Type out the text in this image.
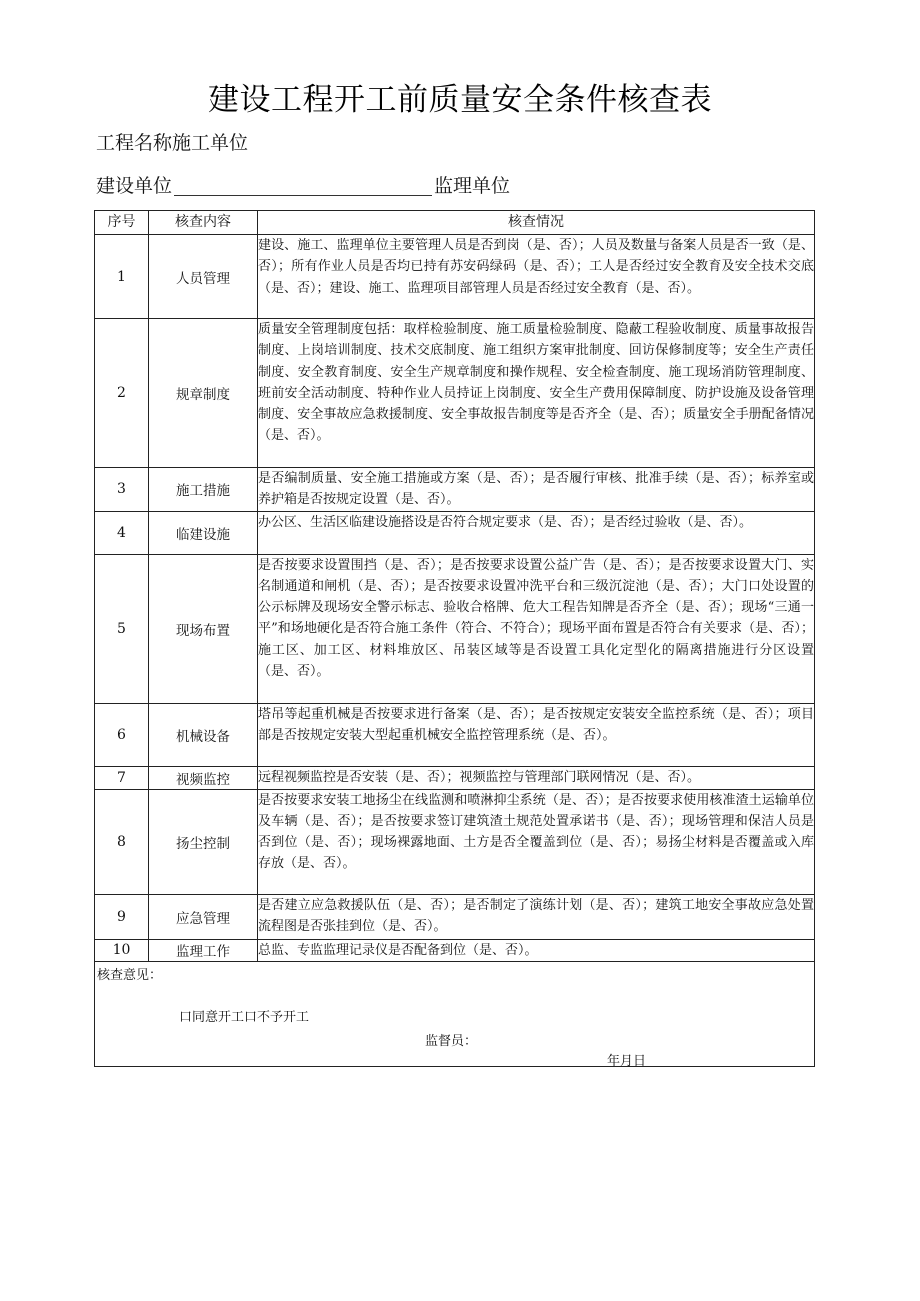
建设工程开工前质量安全条件核查表
工程名称施工单位
建设单位	监理单位
序号	核查内容	核查情况
1	人员管理	建设、施工、监理单位主要管理人员是否到岗（是、否）；人员及数量与备案人员是否一致（是、否）；所有作业人员是否均已持有苏安码绿码（是、否）；工人是否经过安全教育及安全技术交底（是、否）；建设、施工、监理项目部管理人员是否经过安全教育（是、否）。
2	规章制度	质量安全管理制度包括：取样检验制度、施工质量检验制度、隐蔽工程验收制度、质量事故报告制度、上岗培训制度、技术交底制度、施工组织方案审批制度、回访保修制度等；安全生产责任制度、安全教育制度、安全生产规章制度和操作规程、安全检查制度、施工现场消防管理制度、班前安全活动制度、特种作业人员持证上岗制度、安全生产费用保障制度、防护设施及设备管理制度、安全事故应急救援制度、安全事故报告制度等是否齐全（是、否）；质量安全手册配备情况（是、否）。
3	施工措施	是否编制质量、安全施工措施或方案（是、否）；是否履行审核、批准手续（是、否）；标养室或养护箱是否按规定设置（是、否）。
4	临建设施	办公区、生活区临建设施搭设是否符合规定要求（是、否）；是否经过验收（是、否）。
5	现场布置	是否按要求设置围挡（是、否）；是否按要求设置公益广告（是、否）；是否按要求设置大门、实名制通道和闸机（是、否）；是否按要求设置冲洗平台和三级沉淀池（是、否）；大门口处设置的公示标牌及现场安全警示标志、验收合格牌、危大工程告知牌是否齐全（是、否）；现场“三通一平”和场地硬化是否符合施工条件（符合、不符合）；现场平面布置是否符合有关要求（是、否）；施工区、加工区、材料堆放区、吊装区域等是否设置工具化定型化的隔离措施进行分区设置（是、否）。
6	机械设备	塔吊等起重机械是否按要求进行备案（是、否）；是否按规定安装安全监控系统（是、否）；项目部是否按规定安装大型起重机械安全监控管理系统（是、否）。
7	视频监控	远程视频监控是否安装（是、否）；视频监控与管理部门联网情况（是、否）。
8	扬尘控制	是否按要求安装工地扬尘在线监测和喷淋抑尘系统（是、否）；是否按要求使用核准渣土运输单位及车辆（是、否）；是否按要求签订建筑渣土规范处置承诺书（是、否）；现场管理和保洁人员是否到位（是、否）；现场裸露地面、土方是否全覆盖到位（是、否）；易扬尘材料是否覆盖或入库存放（是、否）。
9	应急管理	是否建立应急救援队伍（是、否）；是否制定了演练计划（是、否）；建筑工地安全事故应急处置流程图是否张挂到位（是、否）。
10	监理工作	总监、专监监理记录仪是否配备到位（是、否）。

核查意见：
口同意开工口不予开工
监督员：
年月日		
